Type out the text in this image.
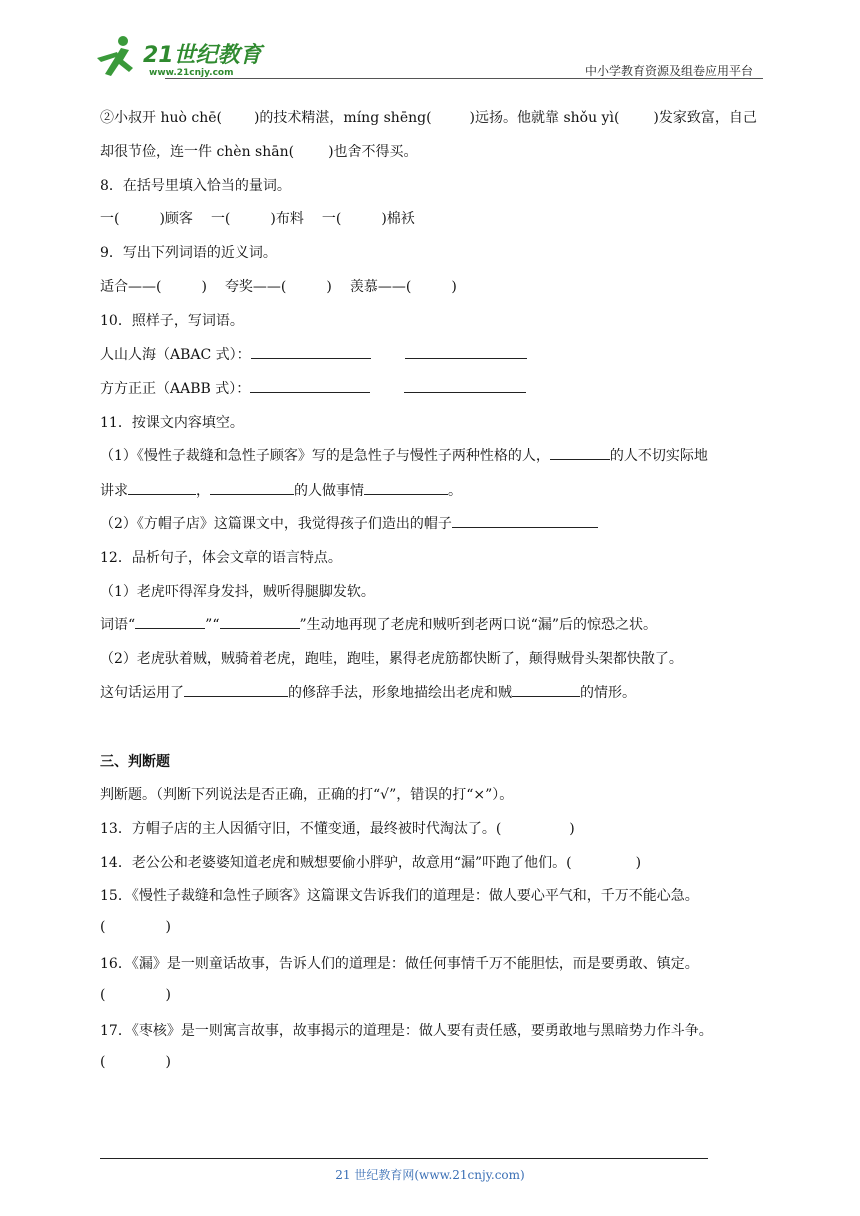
21世纪教育
www.21cnjy.com	中小学教育资源及组卷应用平台
②小叔开 huò chē( )的技术精湛，míng shēng(	)远扬。他就靠 shǒu yì( )发家致富，自己
却很节俭，连一件 chèn shān( )也舍不得买。
8．在括号里填入恰当的量词。
一(	)顾客 一(	)布料 一(	)棉袄
9．写出下列词语的近义词。
适合——(	) 夸奖——(	) 羡慕——(	)
10．照样子，写词语。
人山人海（ABAC 式）：
方方正正（AABB 式）：
11．按课文内容填空。
（1）《慢性子裁缝和急性子顾客》写的是急性子与慢性子两种性格的人，	的人不切实际地
讲求	，	的人做事情	。
（2）《方帽子店》这篇课文中，我觉得孩子们造出的帽子
12．品析句子，体会文章的语言特点。
（1）老虎吓得浑身发抖，贼听得腿脚发软。
词语“	”“	”生动地再现了老虎和贼听到老两口说“漏”后的惊恐之状。
（2）老虎驮着贼，贼骑着老虎，跑哇，跑哇，累得老虎筋都快断了，颠得贼骨头架都快散了。
这句话运用了	的修辞手法，形象地描绘出老虎和贼	的情形。
三、判断题
判断题。（判断下列说法是否正确，正确的打“√”，错误的打“×”）。
13．方帽子店的主人因循守旧，不懂变通，最终被时代淘汰了。(	)
14．老公公和老婆婆知道老虎和贼想要偷小胖驴，故意用“漏”吓跑了他们。(	)
15．《慢性子裁缝和急性子顾客》这篇课文告诉我们的道理是：做人要心平气和，千万不能心急。
(	)
16．《漏》是一则童话故事，告诉人们的道理是：做任何事情千万不能胆怯，而是要勇敢、镇定。
(	)
17．《枣核》是一则寓言故事，故事揭示的道理是：做人要有责任感，要勇敢地与黑暗势力作斗争。
(	)
21 世纪教育网(www.21cnjy.com)
